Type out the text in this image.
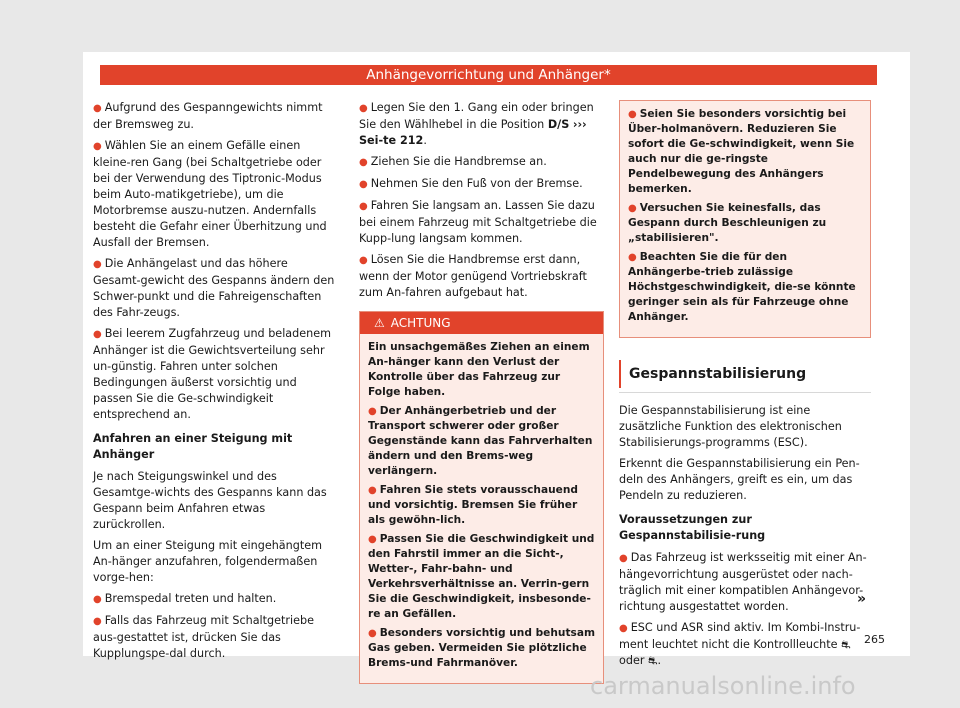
Anhängevorrichtung und Anhänger*

● Aufgrund des Gespanngewichts nimmt der Bremsweg zu.

● Wählen Sie an einem Gefälle einen kleine-ren Gang (bei Schaltgetriebe oder bei der Verwendung des Tiptronic-Modus beim Auto-matikgetriebe), um die Motorbremse auszu-nutzen. Andernfalls besteht die Gefahr einer Überhitzung und Ausfall der Bremsen.

● Die Anhängelast und das höhere Gesamt-gewicht des Gespanns ändern den Schwer-punkt und die Fahreigenschaften des Fahr-zeugs.

● Bei leerem Zugfahrzeug und beladenem Anhänger ist die Gewichtsverteilung sehr un-günstig. Fahren unter solchen Bedingungen äußerst vorsichtig und passen Sie die Ge-schwindigkeit entsprechend an.

Anfahren an einer Steigung mit Anhänger

Je nach Steigungswinkel und des Gesamtge-wichts des Gespanns kann das Gespann beim Anfahren etwas zurückrollen.

Um an einer Steigung mit eingehängtem An-hänger anzufahren, folgendermaßen vorge-hen:

● Bremspedal treten und halten.

● Falls das Fahrzeug mit Schaltgetriebe aus-gestattet ist, drücken Sie das Kupplungspe-dal durch.

● Legen Sie den 1. Gang ein oder bringen Sie den Wählhebel in die Position D/S ››› Sei-te 212.

● Ziehen Sie die Handbremse an.

● Nehmen Sie den Fuß von der Bremse.

● Fahren Sie langsam an. Lassen Sie dazu bei einem Fahrzeug mit Schaltgetriebe die Kupp-lung langsam kommen.

● Lösen Sie die Handbremse erst dann, wenn der Motor genügend Vortriebskraft zum An-fahren aufgebaut hat.

⚠ ACHTUNG

Ein unsachgemäßes Ziehen an einem An-hänger kann den Verlust der Kontrolle über das Fahrzeug zur Folge haben.

● Der Anhängerbetrieb und der Transport schwerer oder großer Gegenstände kann das Fahrverhalten ändern und den Brems-weg verlängern.

● Fahren Sie stets vorausschauend und vorsichtig. Bremsen Sie früher als gewöhn-lich.

● Passen Sie die Geschwindigkeit und den Fahrstil immer an die Sicht-, Wetter-, Fahr-bahn- und Verkehrsverhältnisse an. Verrin-gern Sie die Geschwindigkeit, insbesonde-re an Gefällen.

● Besonders vorsichtig und behutsam Gas geben. Vermeiden Sie plötzliche Brems-und Fahrmanöver.

● Seien Sie besonders vorsichtig bei Über-holmanövern. Reduzieren Sie sofort die Ge-schwindigkeit, wenn Sie auch nur die ge-ringste Pendelbewegung des Anhängers bemerken.

● Versuchen Sie keinesfalls, das Gespann durch Beschleunigen zu „stabilisieren".

● Beachten Sie die für den Anhängerbe-trieb zulässige Höchstgeschwindigkeit, die-se könnte geringer sein als für Fahrzeuge ohne Anhänger.

Gespannstabilisierung

Die Gespannstabilisierung ist eine zusätzliche Funktion des elektronischen Stabilisierungs-programms (ESC).

Erkennt die Gespannstabilisierung ein Pen-deln des Anhängers, greift es ein, um das Pendeln zu reduzieren.

Voraussetzungen zur Gespannstabilisie-rung

● Das Fahrzeug ist werksseitig mit einer An-hängevorrichtung ausgerüstet oder nach-träglich mit einer kompatiblen Anhängevor-richtung ausgestattet worden.

● ESC und ASR sind aktiv. Im Kombi-Instru-ment leuchtet nicht die Kontrollleuchte ⛐ oder ⛐.

»
265
carmanualsonline.info
